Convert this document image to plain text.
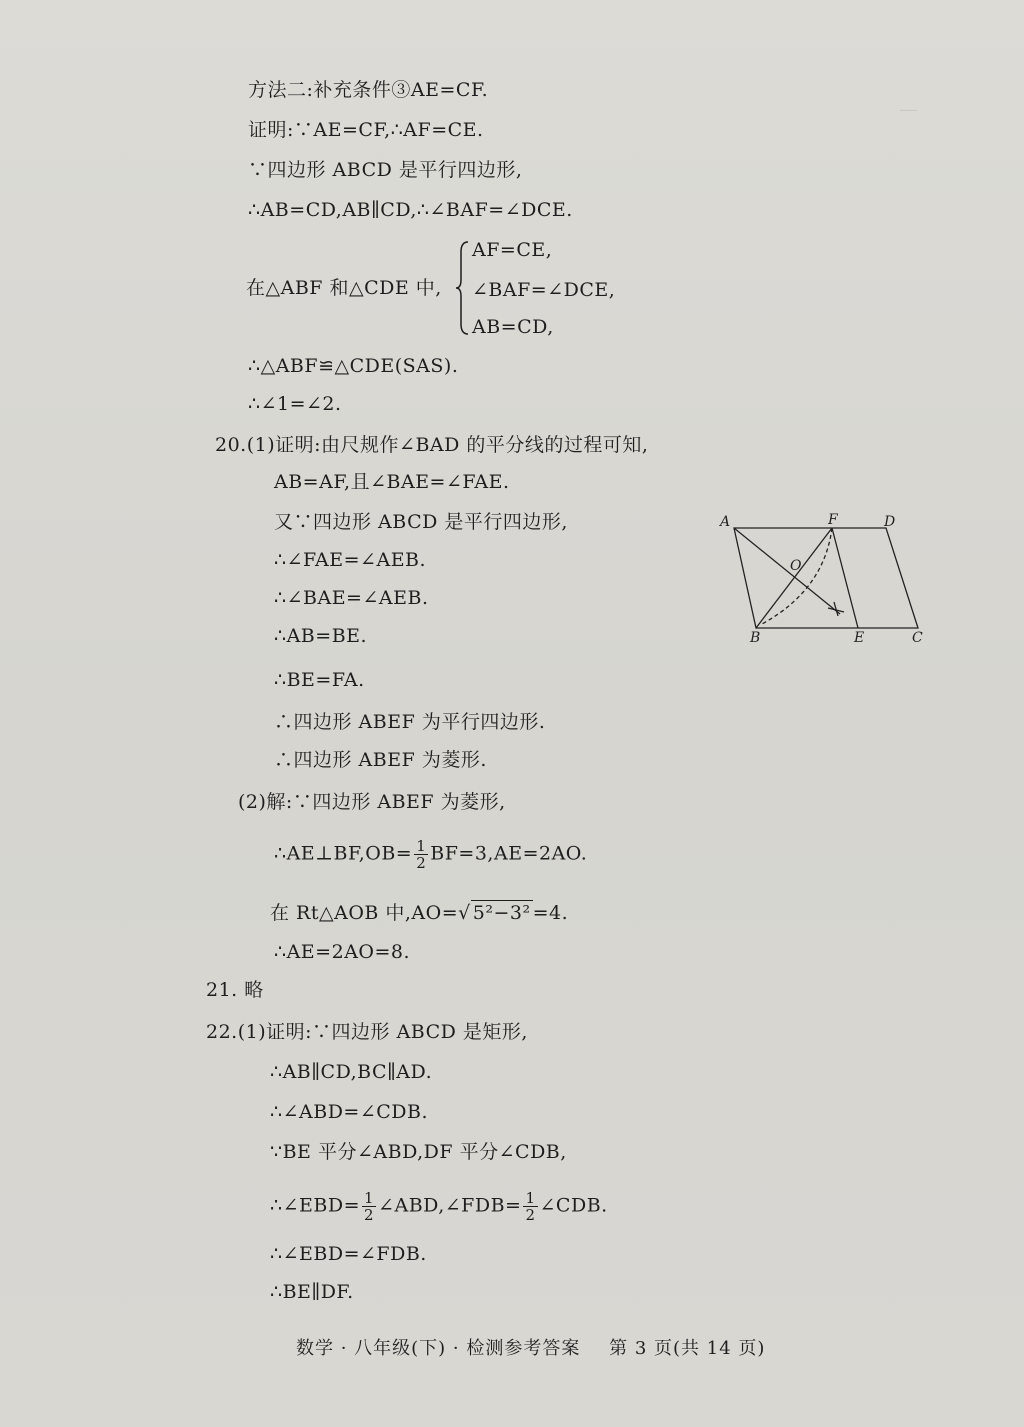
―
方法二:补充条件③AE=CF.
证明:∵AE=CF,∴AF=CE.
∵四边形 ABCD 是平行四边形,
∴AB=CD,AB∥CD,∴∠BAF=∠DCE.
在△ABF 和△CDE 中,
AF=CE,
∠BAF=∠DCE,
AB=CD,
∴△ABF≌△CDE(SAS).
∴∠1=∠2.
20.(1)证明:由尺规作∠BAD 的平分线的过程可知,
AB=AF,且∠BAE=∠FAE.
又∵四边形 ABCD 是平行四边形,
∴∠FAE=∠AEB.
∴∠BAE=∠AEB.
∴AB=BE.
∴BE=FA.
∴四边形 ABEF 为平行四边形.
∴四边形 ABEF 为菱形.
(2)解:∵四边形 ABEF 为菱形,
∴AE⊥BF,OB= $\frac{1}{2} BF=3,AE=2AO$.
在 Rt△AOB 中,AO=√ 5²−3² =4.
∴AE=2AO=8.
21. 略
22.(1)证明:∵四边形 ABCD 是矩形,
∴AB∥CD,BC∥AD.
∴∠ABD=∠CDB.
∵BE 平分∠ABD,DF 平分∠CDB,
∴∠EBD= $\frac{1}{2}$ ∠ABD,∠FDB= $\frac{1}{2}$ ∠CDB.
∴∠EBD=∠FDB.
∴BE∥DF.
A	F	D
O
B	E	C
数学 · 八年级(下) · 检测参考答案 第 3 页(共 14 页)
